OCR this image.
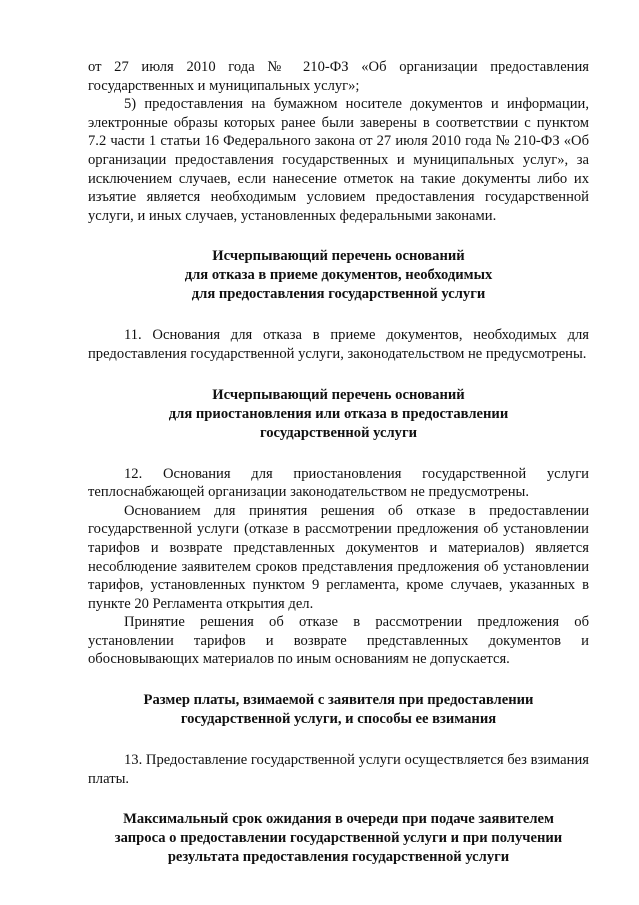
от 27 июля 2010 года № 210-ФЗ «Об организации предоставления государственных и муниципальных услуг»;

5) предоставления на бумажном носителе документов и информации, электронные образы которых ранее были заверены в соответствии с пунктом 7.2 части 1 статьи 16 Федерального закона от 27 июля 2010 года № 210-ФЗ «Об организации предоставления государственных и муниципальных услуг», за исключением случаев, если нанесение отметок на такие документы либо их изъятие является необходимым условием предоставления государственной услуги, и иных случаев, установленных федеральными законами.

Исчерпывающий перечень оснований
для отказа в приеме документов, необходимых
для предоставления государственной услуги

11. Основания для отказа в приеме документов, необходимых для предоставления государственной услуги, законодательством не предусмотрены.

Исчерпывающий перечень оснований
для приостановления или отказа в предоставлении
государственной услуги

12. Основания для приостановления государственной услуги теплоснабжающей организации законодательством не предусмотрены.

Основанием для принятия решения об отказе в предоставлении государственной услуги (отказе в рассмотрении предложения об установлении тарифов и возврате представленных документов и материалов) является несоблюдение заявителем сроков представления предложения об установлении тарифов, установленных пунктом 9 регламента, кроме случаев, указанных в пункте 20 Регламента открытия дел.

Принятие решения об отказе в рассмотрении предложения об установлении тарифов и возврате представленных документов и обосновывающих материалов по иным основаниям не допускается.

Размер платы, взимаемой с заявителя при предоставлении
государственной услуги, и способы ее взимания

13. Предоставление государственной услуги осуществляется без взимания платы.

Максимальный срок ожидания в очереди при подаче заявителем
запроса о предоставлении государственной услуги и при получении
результата предоставления государственной услуги
